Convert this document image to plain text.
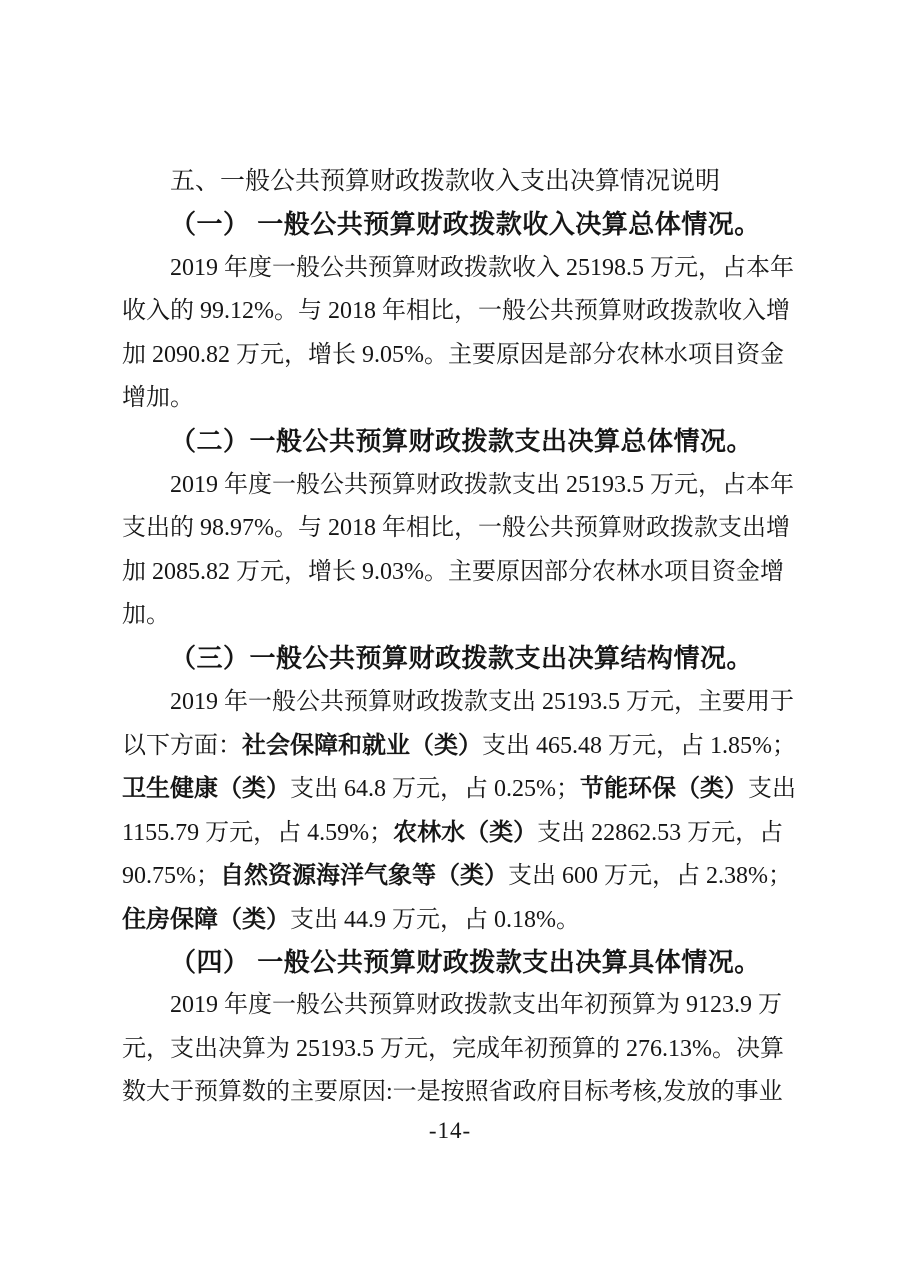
五、一般公共预算财政拨款收入支出决算情况说明
（一） 一般公共预算财政拨款收入决算总体情况。
2019 年度一般公共预算财政拨款收入 25198.5 万元，占本年
收入的 99.12%。与 2018 年相比，一般公共预算财政拨款收入增
加 2090.82 万元，增长 9.05%。主要原因是部分农林水项目资金
增加。
（二）一般公共预算财政拨款支出决算总体情况。
2019 年度一般公共预算财政拨款支出 25193.5 万元，占本年
支出的 98.97%。与 2018 年相比，一般公共预算财政拨款支出增
加 2085.82 万元，增长 9.03%。主要原因部分农林水项目资金增
加。
（三）一般公共预算财政拨款支出决算结构情况。
2019 年一般公共预算财政拨款支出 25193.5 万元，主要用于
以下方面：社会保障和就业（类）支出 465.48 万元，占 1.85%；
卫生健康（类）支出 64.8 万元，占 0.25%；节能环保（类）支出
1155.79 万元，占 4.59%；农林水（类）支出 22862.53 万元，占
90.75%；自然资源海洋气象等（类）支出 600 万元，占 2.38%；
住房保障（类）支出 44.9 万元，占 0.18%。
（四） 一般公共预算财政拨款支出决算具体情况。
2019 年度一般公共预算财政拨款支出年初预算为 9123.9 万
元，支出决算为 25193.5 万元，完成年初预算的 276.13%。决算
数大于预算数的主要原因:一是按照省政府目标考核,发放的事业
-14-
